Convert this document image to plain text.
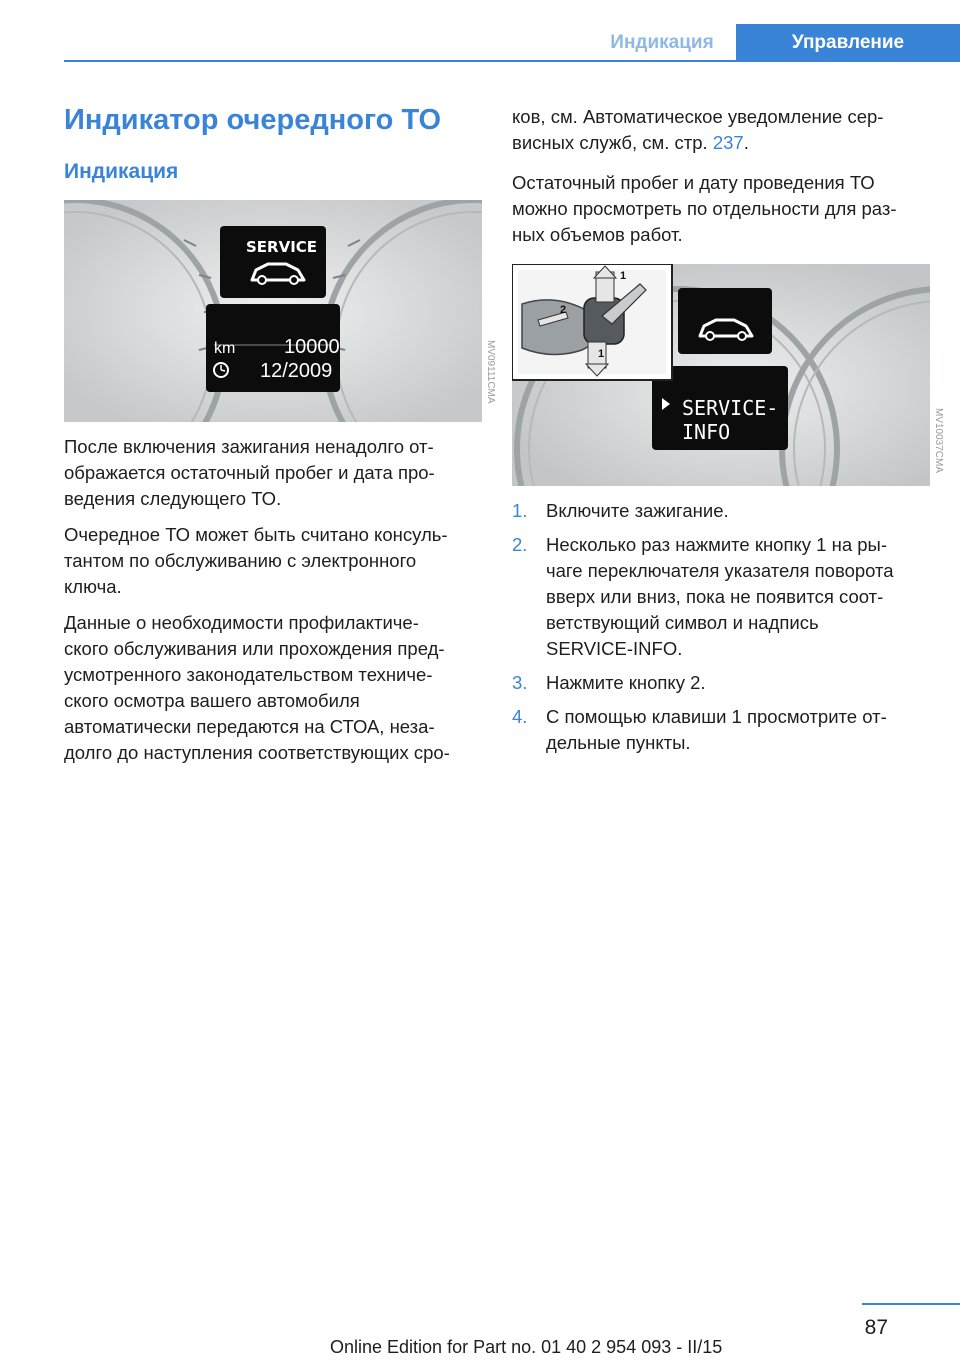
Индикация	Управление
Индикатор очередного ТО
Индикация
SERVICE
km 10000
12/2009	MV09111CMA

После включения зажигания ненадолго от-
ображается остаточный пробег и дата про-
ведения следующего ТО.

Очередное ТО может быть считано консуль-
тантом по обслуживанию с электронного
ключа.

Данные о необходимости профилактиче-
ского обслуживания или прохождения пред-
усмотренного законодательством техниче-
ского осмотра вашего автомобиля
автоматически передаются на СТОА, неза-
долго до наступления соответствующих сро-

ков, см. Автоматическое уведомление сер-
висных служб, см. стр. 237.

Остаточный пробег и дату проведения ТО
можно просмотреть по отдельности для раз-
ных объемов работ.

1
2
1
SERVICE-
INFO	MV10037CMA
1. Включите зажигание.
2. Несколько раз нажмите кнопку 1 на ры-
чаге переключателя указателя поворота
вверх или вниз, пока не появится соот-
ветствующий символ и надпись
SERVICE-INFO.
3. Нажмите кнопку 2.
4. С помощью клавиши 1 просмотрите от-
дельные пункты.
87
Online Edition for Part no. 01 40 2 954 093 - II/15
